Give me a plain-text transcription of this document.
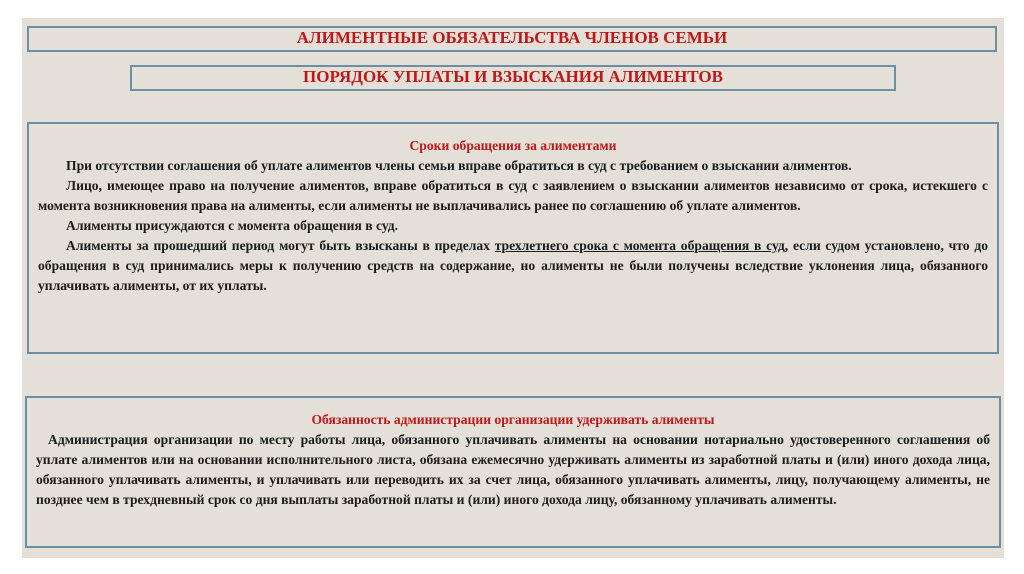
АЛИМЕНТНЫЕ ОБЯЗАТЕЛЬСТВА ЧЛЕНОВ СЕМЬИ
ПОРЯДОК УПЛАТЫ И ВЗЫСКАНИЯ АЛИМЕНТОВ
Сроки обращения за алиментами

При отсутствии соглашения об уплате алиментов члены семьи вправе обратиться в суд с требованием о взыскании алиментов.

Лицо, имеющее право на получение алиментов, вправе обратиться в суд с заявлением о взыскании алиментов независимо от срока, истекшего с момента возникновения права на алименты, если алименты не выплачивались ранее по соглашению об уплате алиментов.

Алименты присуждаются с момента обращения в суд.

Алименты за прошедший период могут быть взысканы в пределах трехлетнего срока с момента обращения в суд, если судом установлено, что до обращения в суд принимались меры к получению средств на содержание, но алименты не были получены вследствие уклонения лица, обязанного уплачивать алименты, от их уплаты.

Обязанность администрации организации удерживать алименты

Администрация организации по месту работы лица, обязанного уплачивать алименты на основании нотариально удостоверенного соглашения об уплате алиментов или на основании исполнительного листа, обязана ежемесячно удерживать алименты из заработной платы и (или) иного дохода лица, обязанного уплачивать алименты, и уплачивать или переводить их за счет лица, обязанного уплачивать алименты, лицу, получающему алименты, не позднее чем в трехдневный срок со дня выплаты заработной платы и (или) иного дохода лицу, обязанному уплачивать алименты.
